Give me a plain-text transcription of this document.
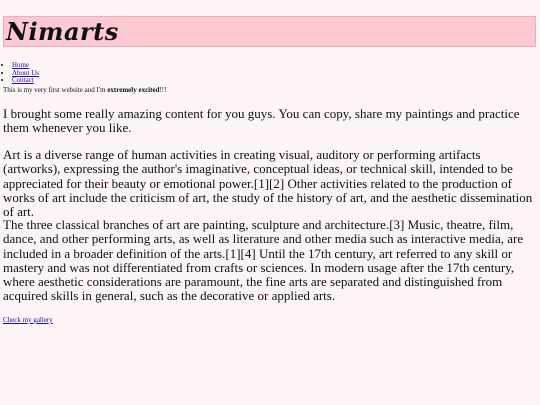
Nimarts
• Home
• About Us
• Contact

This is my very first website and I'm extremely excited!!!

I brought some really amazing content for you guys. You can copy, share my paintings and practice them whenever you like.

Art is a diverse range of human activities in creating visual, auditory or performing artifacts (artworks), expressing the author's imaginative, conceptual ideas, or technical skill, intended to be appreciated for their beauty or emotional power.[1][2] Other activities related to the production of works of art include the criticism of art, the study of the history of art, and the aesthetic dissemination of art.

The three classical branches of art are painting, sculpture and architecture.[3] Music, theatre, film, dance, and other performing arts, as well as literature and other media such as interactive media, are included in a broader definition of the arts.[1][4] Until the 17th century, art referred to any skill or mastery and was not differentiated from crafts or sciences. In modern usage after the 17th century, where aesthetic considerations are paramount, the fine arts are separated and distinguished from acquired skills in general, such as the decorative or applied arts.

Check my gallery
